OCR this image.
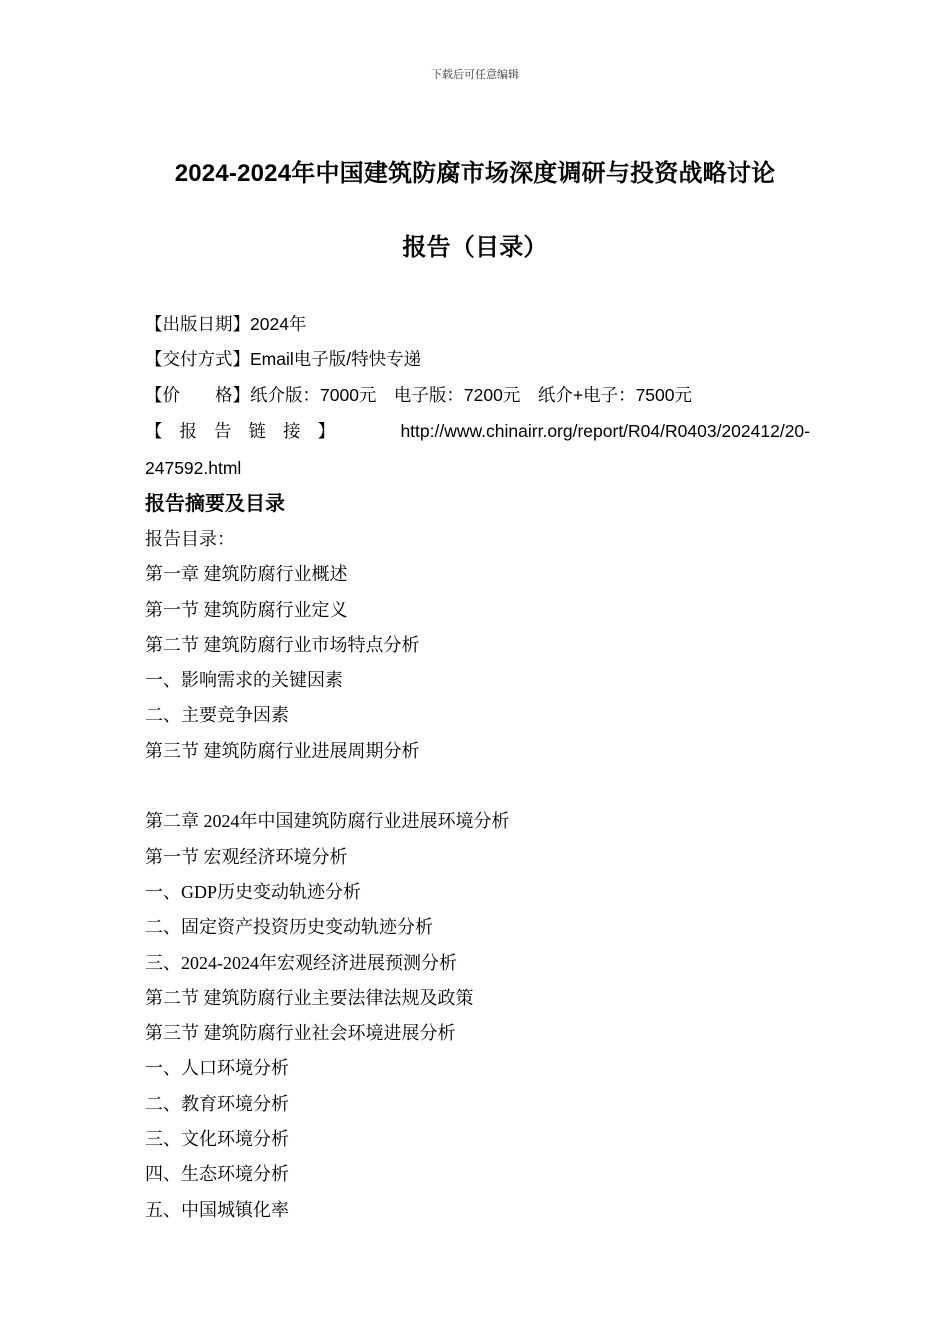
下载后可任意编辑
2024-2024年中国建筑防腐市场深度调研与投资战略讨论
报告（目录）
【出版日期】2024年
【交付方式】Email电子版/特快专递
【价 格】纸介版：7000元　电子版：7200元　纸介+电子：7500元
【 报 告 链 接 】	http://www.chinairr.org/report/R04/R0403/202412/20-
247592.html
报告摘要及目录
报告目录：
第一章 建筑防腐行业概述
第一节 建筑防腐行业定义
第二节 建筑防腐行业市场特点分析
一、影响需求的关键因素
二、主要竞争因素
第三节 建筑防腐行业进展周期分析
第二章 2024年中国建筑防腐行业进展环境分析
第一节 宏观经济环境分析
一、GDP历史变动轨迹分析
二、固定资产投资历史变动轨迹分析
三、2024-2024年宏观经济进展预测分析
第二节 建筑防腐行业主要法律法规及政策
第三节 建筑防腐行业社会环境进展分析
一、人口环境分析
二、教育环境分析
三、文化环境分析
四、生态环境分析
五、中国城镇化率
